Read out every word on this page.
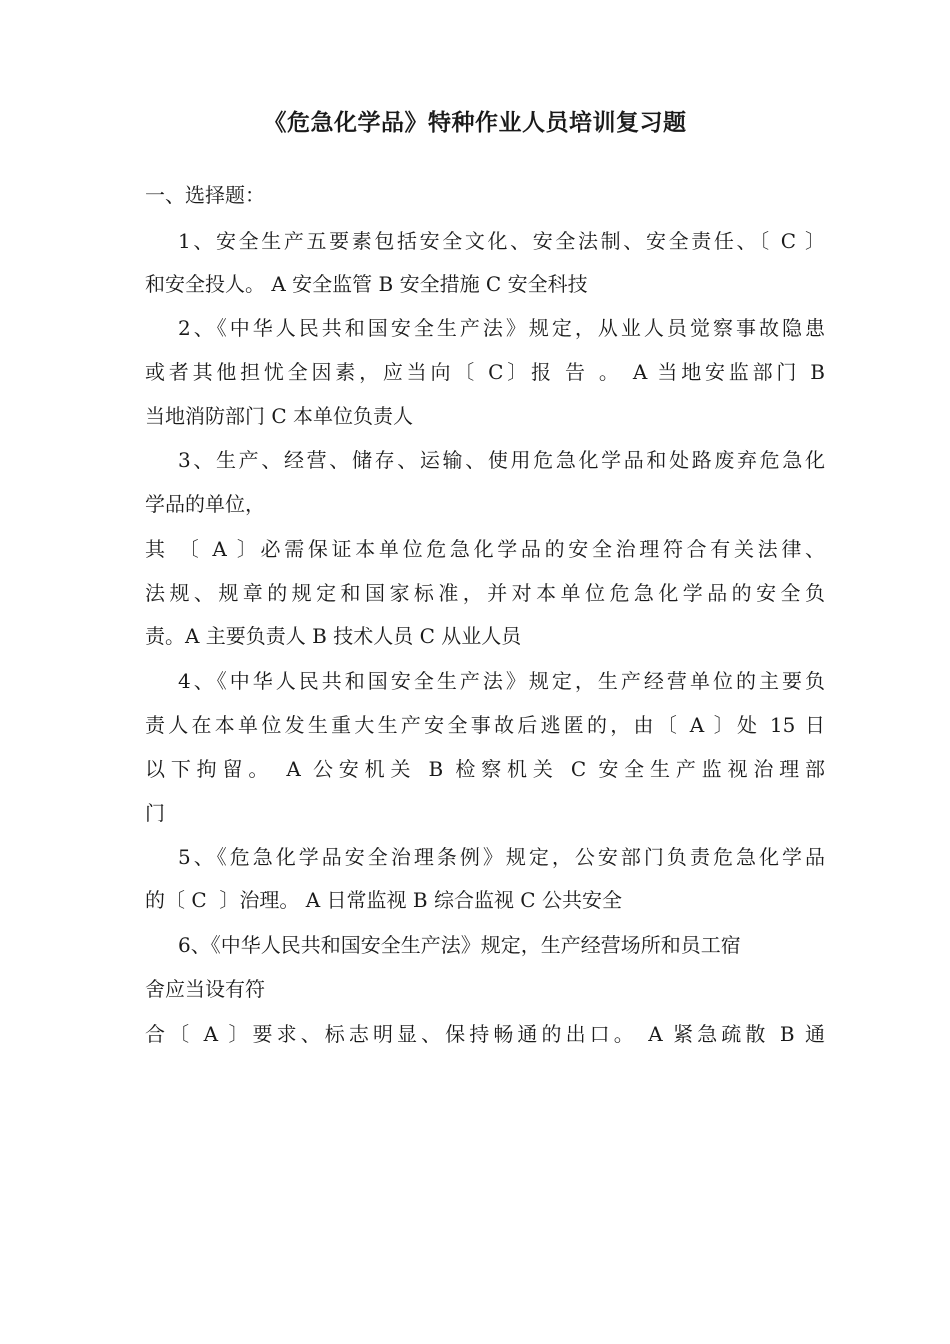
《危急化学品》特种作业人员培训复习题

一、选择题：

1、安全生产五要素包括安全文化、安全法制、安全责任、〔 C 〕

和安全投人。 A 安全监管 B 安全措施 C 安全科技

2、《中华人民共和国安全生产法》规定，从业人员觉察事故隐患

或者其他担忧全因素，应当向〔 C〕报 告 。 A 当地安监部门 B

当地消防部门 C 本单位负责人

3、生产、经营、储存、运输、使用危急化学品和处路废弃危急化

学品的单位，

其 〔 A 〕必需保证本单位危急化学品的安全治理符合有关法律、

法规、规章的规定和国家标准，并对本单位危急化学品的安全负

责。A 主要负责人 B 技术人员 C 从业人员

4、《中华人民共和国安全生产法》规定，生产经营单位的主要负

责人在本单位发生重大生产安全事故后逃匿的，由〔 A 〕处 15 日

以下拘留。 A 公安机关 B 检察机关 C 安全生产监视治理部

门

5、《危急化学品安全治理条例》规定，公安部门负责危急化学品

的〔 C  〕治理。 A 日常监视 B 综合监视 C 公共安全

6、《中华人民共和国安全生产法》规定，生产经营场所和员工宿

舍应当设有符

合〔 A 〕要求、标志明显、保持畅通的出口。 A 紧急疏散 B 通
